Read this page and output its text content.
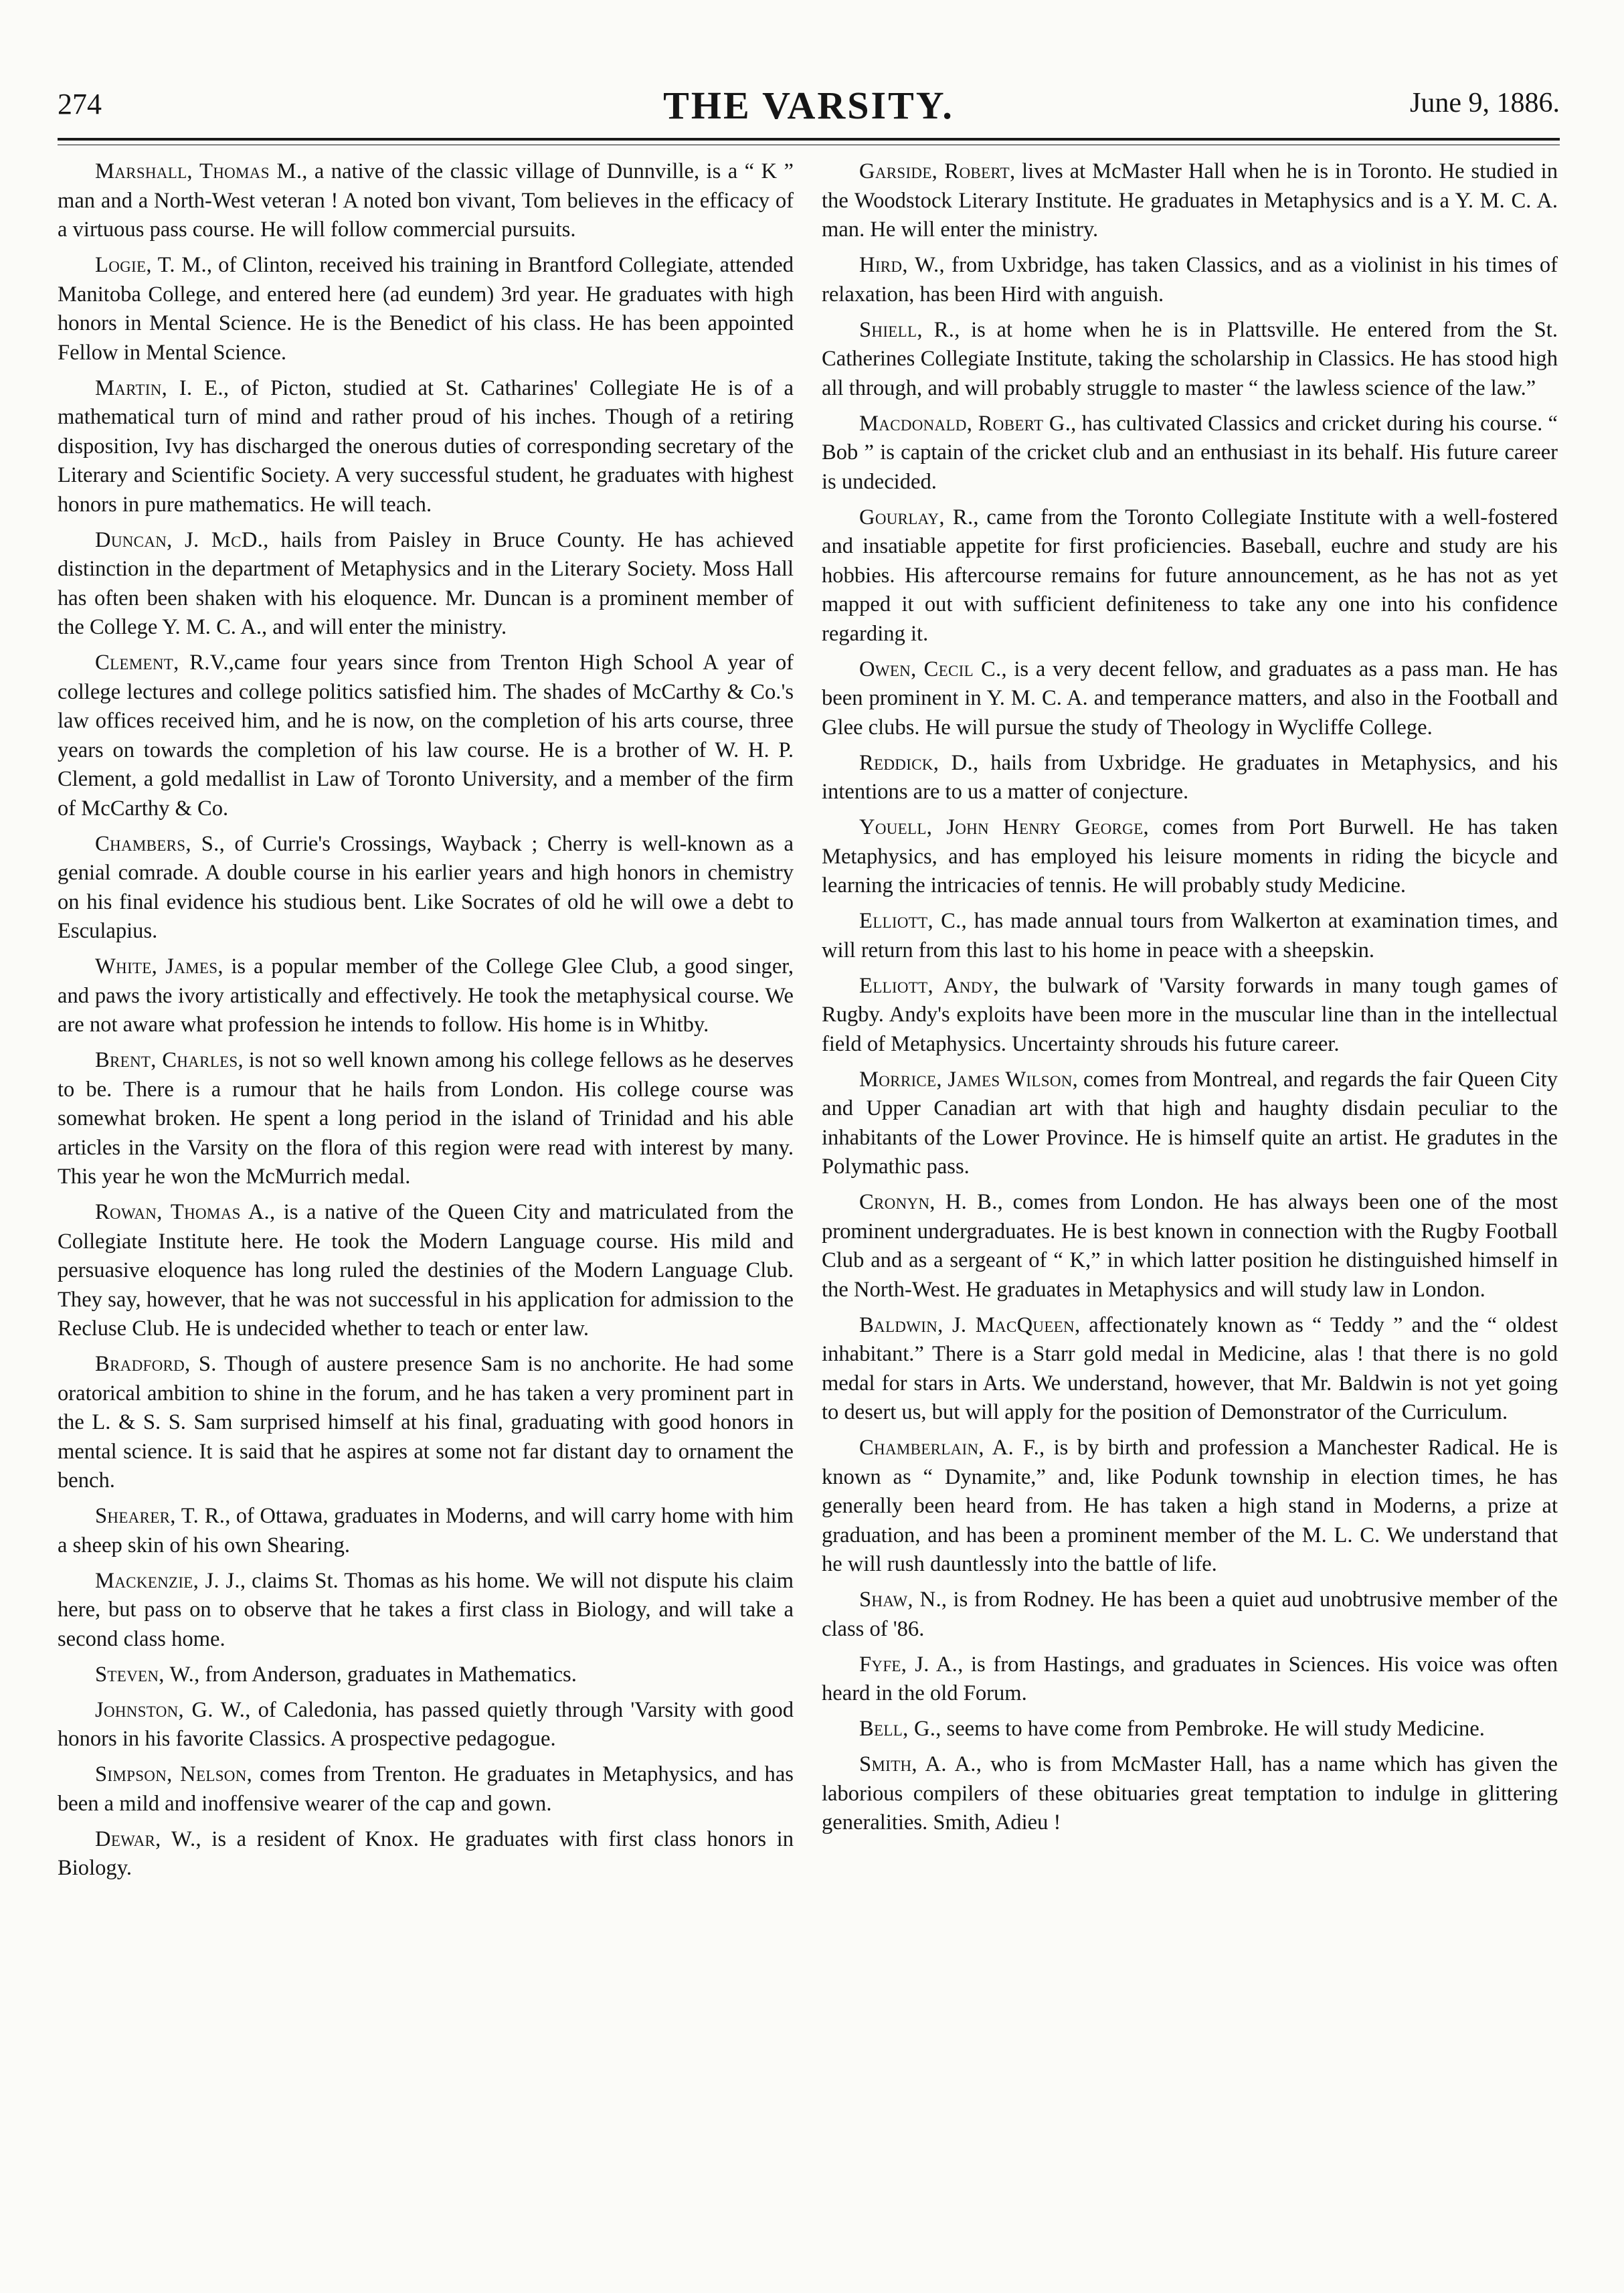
274	THE VARSITY.	June 9, 1886.

Marshall, Thomas M., a native of the classic village of Dunnville, is a “ K ” man and a North-West veteran ! A noted bon vivant, Tom believes in the efficacy of a virtuous pass course. He will follow commercial pursuits.

Logie, T. M., of Clinton, received his training in Brantford Collegiate, attended Manitoba College, and entered here (ad eundem) 3rd year. He graduates with high honors in Mental Science. He is the Benedict of his class. He has been appointed Fellow in Mental Science.

Martin, I. E., of Picton, studied at St. Catharines' Collegiate He is of a mathematical turn of mind and rather proud of his inches. Though of a retiring disposition, Ivy has discharged the onerous duties of corresponding secretary of the Literary and Scientific Society. A very successful student, he graduates with highest honors in pure mathematics. He will teach.

Duncan, J. McD., hails from Paisley in Bruce County. He has achieved distinction in the department of Metaphysics and in the Literary Society. Moss Hall has often been shaken with his eloquence. Mr. Duncan is a prominent member of the College Y. M. C. A., and will enter the ministry.

Clement, R.V.,came four years since from Trenton High School A year of college lectures and college politics satisfied him. The shades of McCarthy & Co.'s law offices received him, and he is now, on the completion of his arts course, three years on towards the completion of his law course. He is a brother of W. H. P. Clement, a gold medallist in Law of Toronto University, and a member of the firm of McCarthy & Co.

Chambers, S., of Currie's Crossings, Wayback ; Cherry is well-known as a genial comrade. A double course in his earlier years and high honors in chemistry on his final evidence his studious bent. Like Socrates of old he will owe a debt to Esculapius.

White, James, is a popular member of the College Glee Club, a good singer, and paws the ivory artistically and effectively. He took the metaphysical course. We are not aware what profession he intends to follow. His home is in Whitby.

Brent, Charles, is not so well known among his college fellows as he deserves to be. There is a rumour that he hails from London. His college course was somewhat broken. He spent a long period in the island of Trinidad and his able articles in the Varsity on the flora of this region were read with interest by many. This year he won the McMurrich medal.

Rowan, Thomas A., is a native of the Queen City and matriculated from the Collegiate Institute here. He took the Modern Language course. His mild and persuasive eloquence has long ruled the destinies of the Modern Language Club. They say, however, that he was not successful in his application for admission to the Recluse Club. He is undecided whether to teach or enter law.

Bradford, S. Though of austere presence Sam is no anchorite. He had some oratorical ambition to shine in the forum, and he has taken a very prominent part in the L. & S. S. Sam surprised himself at his final, graduating with good honors in mental science. It is said that he aspires at some not far distant day to ornament the bench.

Shearer, T. R., of Ottawa, graduates in Moderns, and will carry home with him a sheep skin of his own Shearing.

Mackenzie, J. J., claims St. Thomas as his home. We will not dispute his claim here, but pass on to observe that he takes a first class in Biology, and will take a second class home.

Steven, W., from Anderson, graduates in Mathematics.

Johnston, G. W., of Caledonia, has passed quietly through 'Varsity with good honors in his favorite Classics. A prospective pedagogue.

Simpson, Nelson, comes from Trenton. He graduates in Metaphysics, and has been a mild and inoffensive wearer of the cap and gown.

Dewar, W., is a resident of Knox. He graduates with first class honors in Biology.

Garside, Robert, lives at McMaster Hall when he is in Toronto. He studied in the Woodstock Literary Institute. He graduates in Metaphysics and is a Y. M. C. A. man. He will enter the ministry.

Hird, W., from Uxbridge, has taken Classics, and as a violinist in his times of relaxation, has been Hird with anguish.

Shiell, R., is at home when he is in Plattsville. He entered from the St. Catherines Collegiate Institute, taking the scholarship in Classics. He has stood high all through, and will probably struggle to master “ the lawless science of the law.”

Macdonald, Robert G., has cultivated Classics and cricket during his course. “ Bob ” is captain of the cricket club and an enthusiast in its behalf. His future career is undecided.

Gourlay, R., came from the Toronto Collegiate Institute with a well-fostered and insatiable appetite for first proficiencies. Baseball, euchre and study are his hobbies. His aftercourse remains for future announcement, as he has not as yet mapped it out with sufficient definiteness to take any one into his confidence regarding it.

Owen, Cecil C., is a very decent fellow, and graduates as a pass man. He has been prominent in Y. M. C. A. and temperance matters, and also in the Football and Glee clubs. He will pursue the study of Theology in Wycliffe College.

Reddick, D., hails from Uxbridge. He graduates in Metaphysics, and his intentions are to us a matter of conjecture.

Youell, John Henry George, comes from Port Burwell. He has taken Metaphysics, and has employed his leisure moments in riding the bicycle and learning the intricacies of tennis. He will probably study Medicine.

Elliott, C., has made annual tours from Walkerton at examination times, and will return from this last to his home in peace with a sheepskin.

Elliott, Andy, the bulwark of 'Varsity forwards in many tough games of Rugby. Andy's exploits have been more in the muscular line than in the intellectual field of Metaphysics. Uncertainty shrouds his future career.

Morrice, James Wilson, comes from Montreal, and regards the fair Queen City and Upper Canadian art with that high and haughty disdain peculiar to the inhabitants of the Lower Province. He is himself quite an artist. He gradutes in the Polymathic pass.

Cronyn, H. B., comes from London. He has always been one of the most prominent undergraduates. He is best known in connection with the Rugby Football Club and as a sergeant of “ K,” in which latter position he distinguished himself in the North-West. He graduates in Metaphysics and will study law in London.

Baldwin, J. MacQueen, affectionately known as “ Teddy ” and the “ oldest inhabitant.” There is a Starr gold medal in Medicine, alas ! that there is no gold medal for stars in Arts. We understand, however, that Mr. Baldwin is not yet going to desert us, but will apply for the position of Demonstrator of the Curriculum.

Chamberlain, A. F., is by birth and profession a Manchester Radical. He is known as “ Dynamite,” and, like Podunk township in election times, he has generally been heard from. He has taken a high stand in Moderns, a prize at graduation, and has been a prominent member of the M. L. C. We understand that he will rush dauntlessly into the battle of life.

Shaw, N., is from Rodney. He has been a quiet aud unobtrusive member of the class of '86.

Fyfe, J. A., is from Hastings, and graduates in Sciences. His voice was often heard in the old Forum.

Bell, G., seems to have come from Pembroke. He will study Medicine.

Smith, A. A., who is from McMaster Hall, has a name which has given the laborious compilers of these obituaries great temptation to indulge in glittering generalities. Smith, Adieu !
